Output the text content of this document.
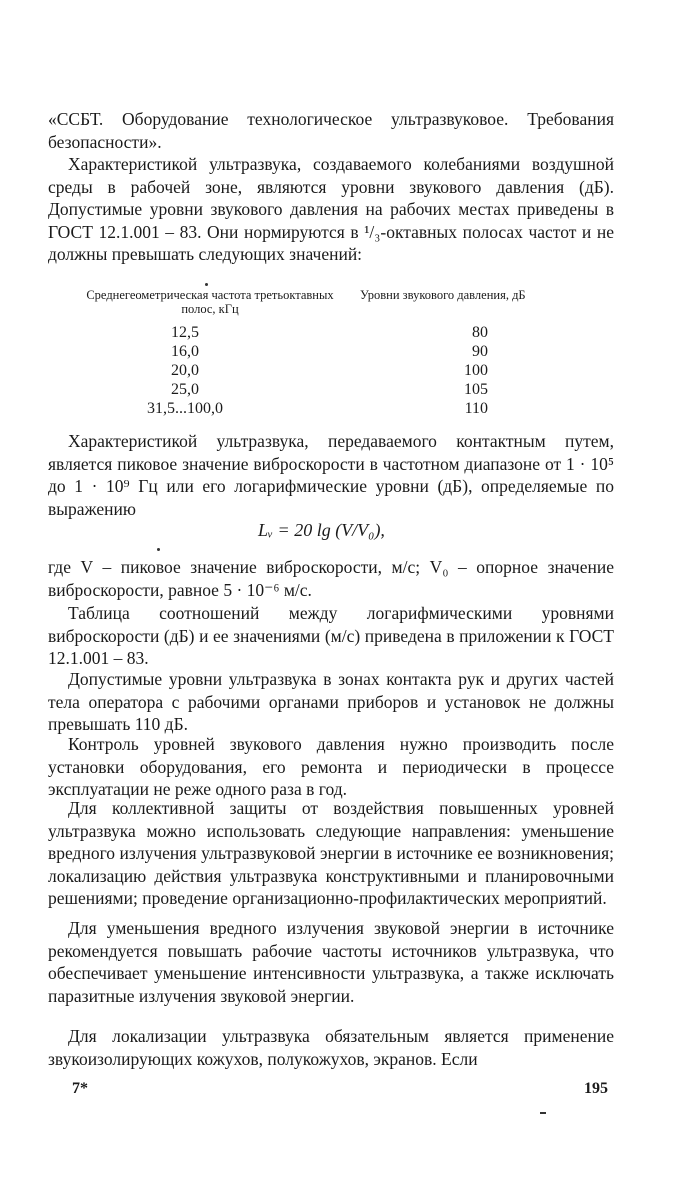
«ССБТ. Оборудование технологическое ультразвуковое. Требования безопасности».

Характеристикой ультразвука, создаваемого колебаниями воздушной среды в рабочей зоне, являются уровни звукового давления (дБ). Допустимые уровни звукового давления на рабочих местах приведены в ГОСТ 12.1.001 – 83. Они нормируются в ¹/₃-октавных полосах частот и не должны превышать следующих значений:

Среднегеометрическая частота третьоктавных полос, кГц
Уровни звукового давления, дБ
12,5	80
16,0	90
20,0	100
25,0	105
31,5...100,0	110

Характеристикой ультразвука, передаваемого контактным путем, является пиковое значение виброскорости в частотном диапазоне от 1 · 10⁵ до 1 · 10⁹ Гц или его логарифмические уровни (дБ), определяемые по выражению

Lᵥ = 20 lg (V/V₀),

где V – пиковое значение виброскорости, м/с; V₀ – опорное значение виброскорости, равное 5 · 10⁻⁶ м/с.

Таблица соотношений между логарифмическими уровнями виброскорости (дБ) и ее значениями (м/с) приведена в приложении к ГОСТ 12.1.001 – 83.

Допустимые уровни ультразвука в зонах контакта рук и других частей тела оператора с рабочими органами приборов и установок не должны превышать 110 дБ.

Контроль уровней звукового давления нужно производить после установки оборудования, его ремонта и периодически в процессе эксплуатации не реже одного раза в год.

Для коллективной защиты от воздействия повышенных уровней ультразвука можно использовать следующие направления: уменьшение вредного излучения ультразвуковой энергии в источнике ее возникновения; локализацию действия ультразвука конструктивными и планировочными решениями; проведение организационно-профилактических мероприятий.

Для уменьшения вредного излучения звуковой энергии в источнике рекомендуется повышать рабочие частоты источников ультразвука, что обеспечивает уменьшение интенсивности ультразвука, а также исключать паразитные излучения звуковой энергии.

Для локализации ультразвука обязательным является применение звукоизолирующих кожухов, полукожухов, экранов. Если

7*	195
